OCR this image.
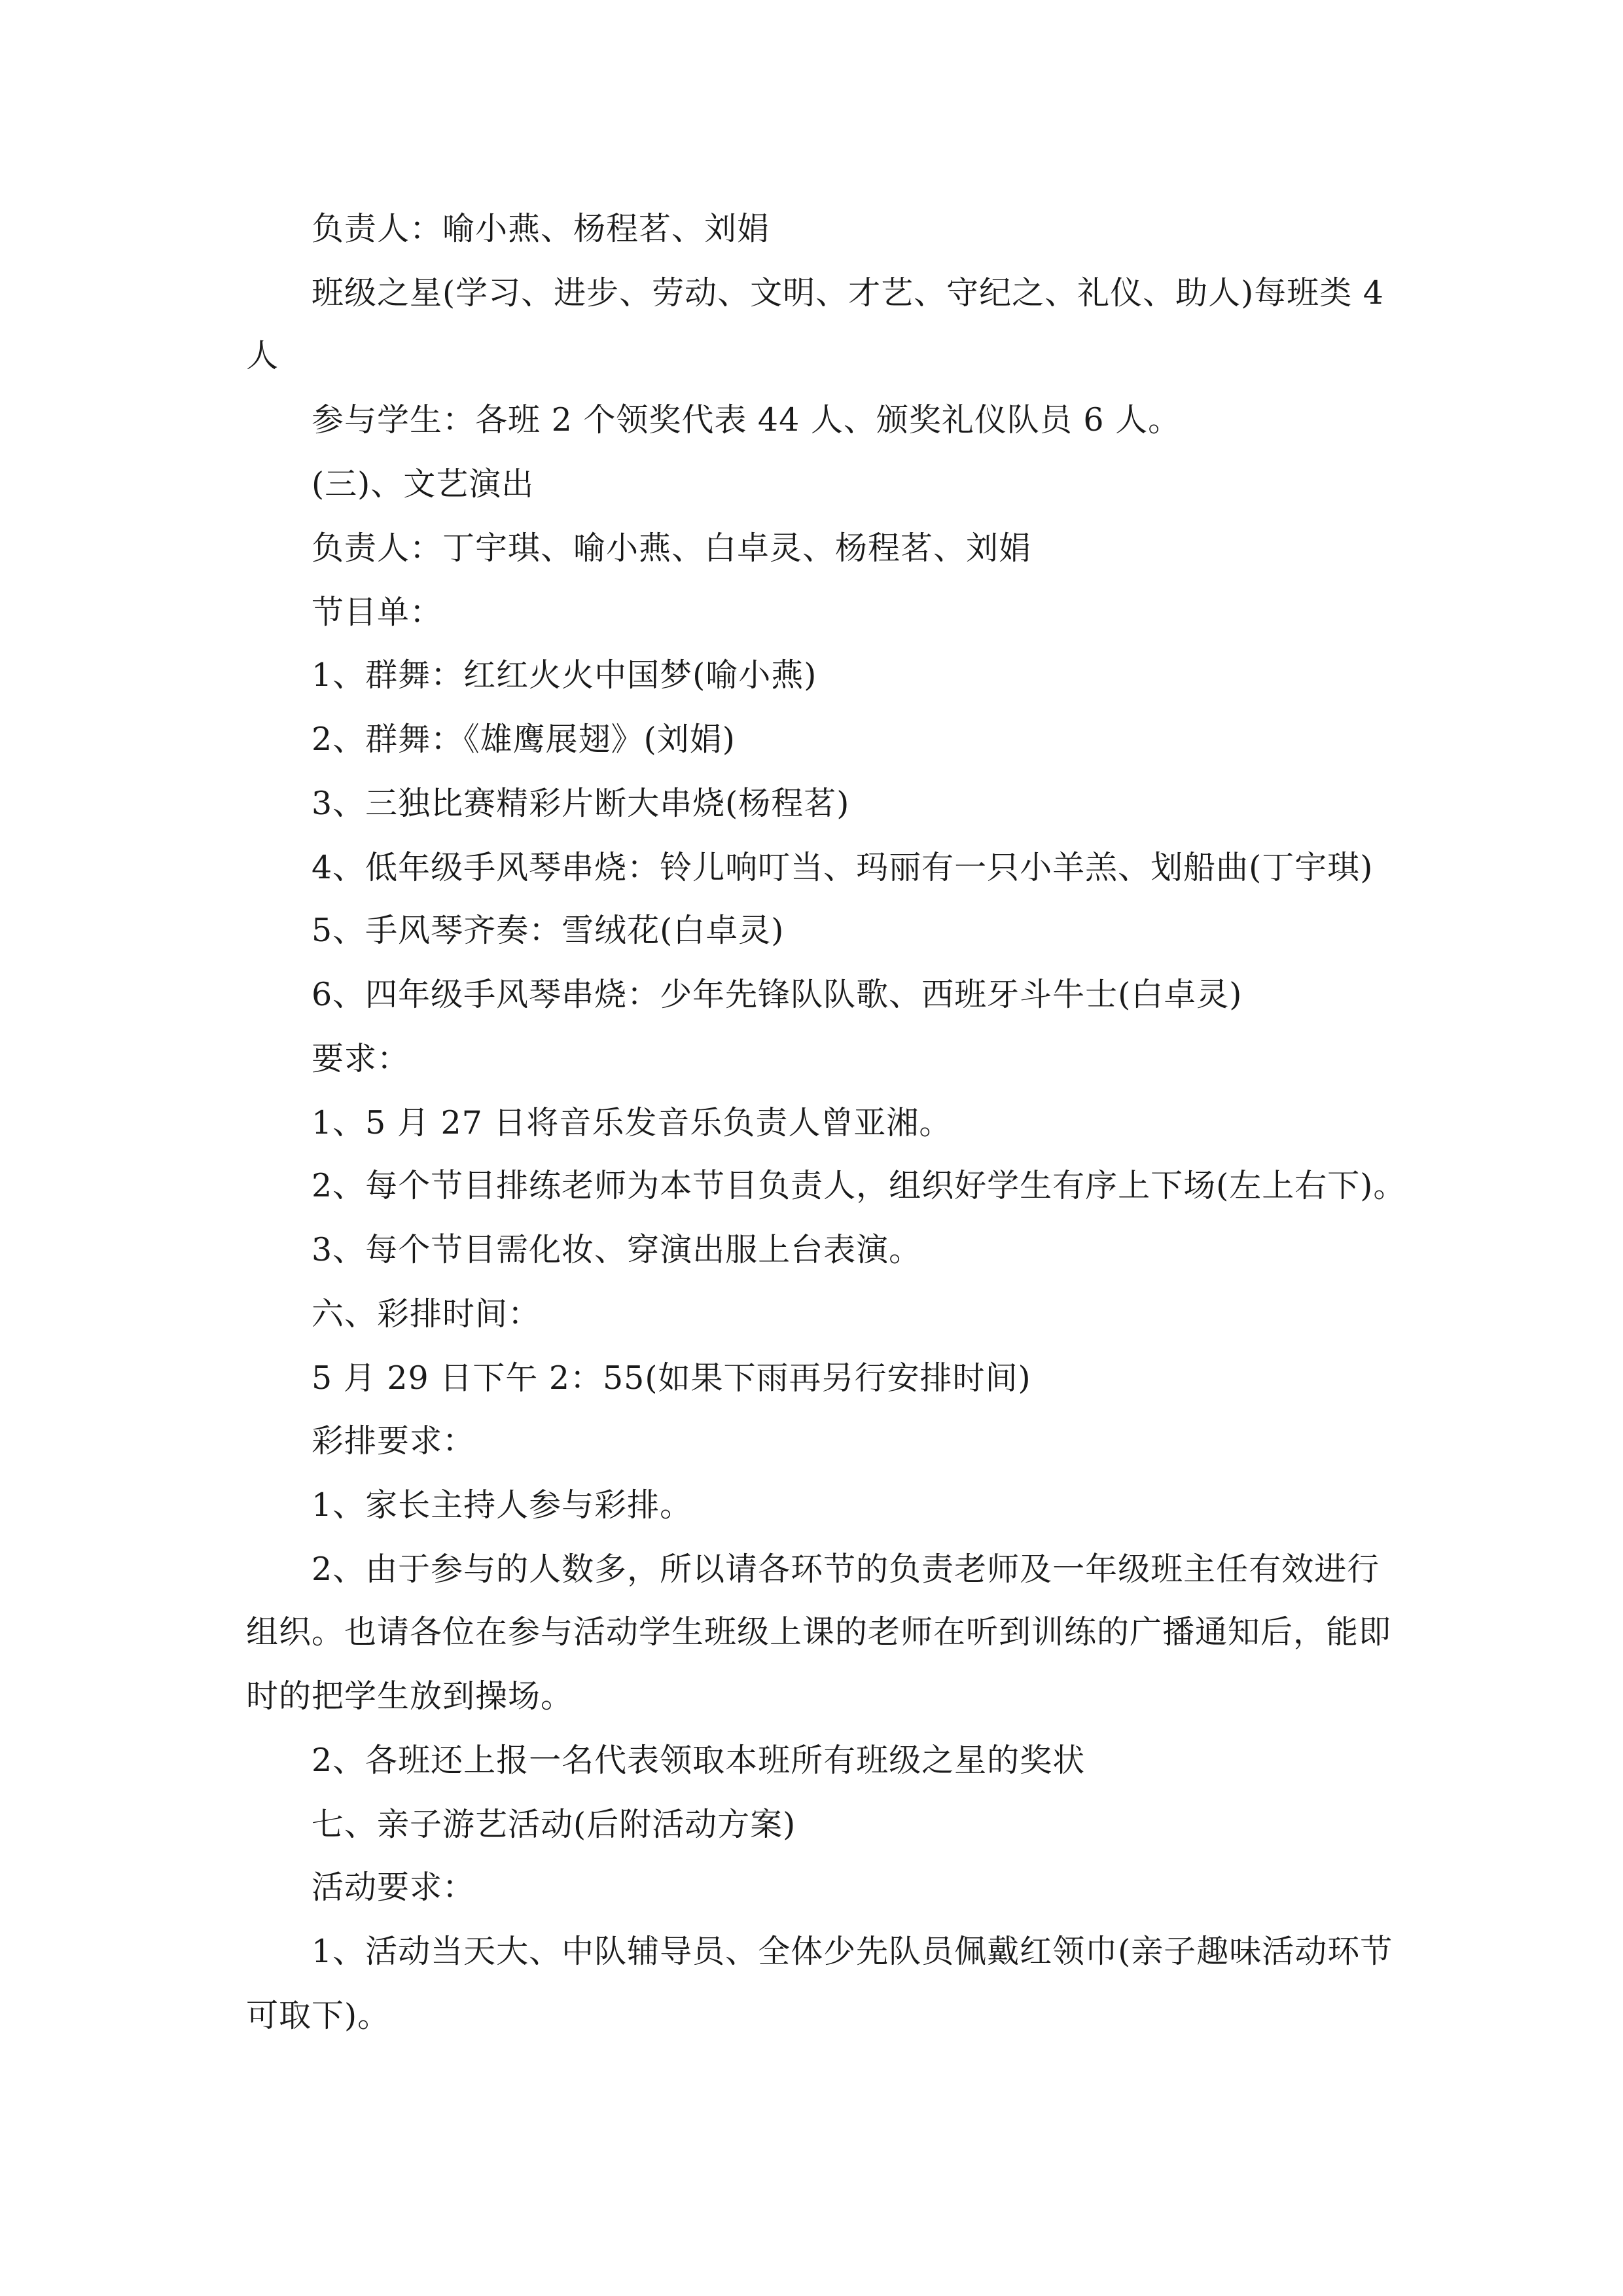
负责人：喻小燕、杨程茗、刘娟
班级之星(学习、进步、劳动、文明、才艺、守纪之、礼仪、助人)每班类 4
人
参与学生：各班 2 个领奖代表 44 人、颁奖礼仪队员 6 人。
(三)、文艺演出
负责人：丁宇琪、喻小燕、白卓灵、杨程茗、刘娟
节目单：
1、群舞：红红火火中国梦(喻小燕)
2、群舞：《雄鹰展翅》(刘娟)
3、三独比赛精彩片断大串烧(杨程茗)
4、低年级手风琴串烧：铃儿响叮当、玛丽有一只小羊羔、划船曲(丁宇琪)
5、手风琴齐奏：雪绒花(白卓灵)
6、四年级手风琴串烧：少年先锋队队歌、西班牙斗牛士(白卓灵)
要求：
1、5 月 27 日将音乐发音乐负责人曾亚湘。
2、每个节目排练老师为本节目负责人，组织好学生有序上下场(左上右下)。
3、每个节目需化妆、穿演出服上台表演。
六、彩排时间：
5 月 29 日下午 2：55(如果下雨再另行安排时间)
彩排要求：
1、家长主持人参与彩排。
2、由于参与的人数多，所以请各环节的负责老师及一年级班主任有效进行
组织。也请各位在参与活动学生班级上课的老师在听到训练的广播通知后，能即
时的把学生放到操场。
2、各班还上报一名代表领取本班所有班级之星的奖状
七、亲子游艺活动(后附活动方案)
活动要求：
1、活动当天大、中队辅导员、全体少先队员佩戴红领巾(亲子趣味活动环节
可取下)。
